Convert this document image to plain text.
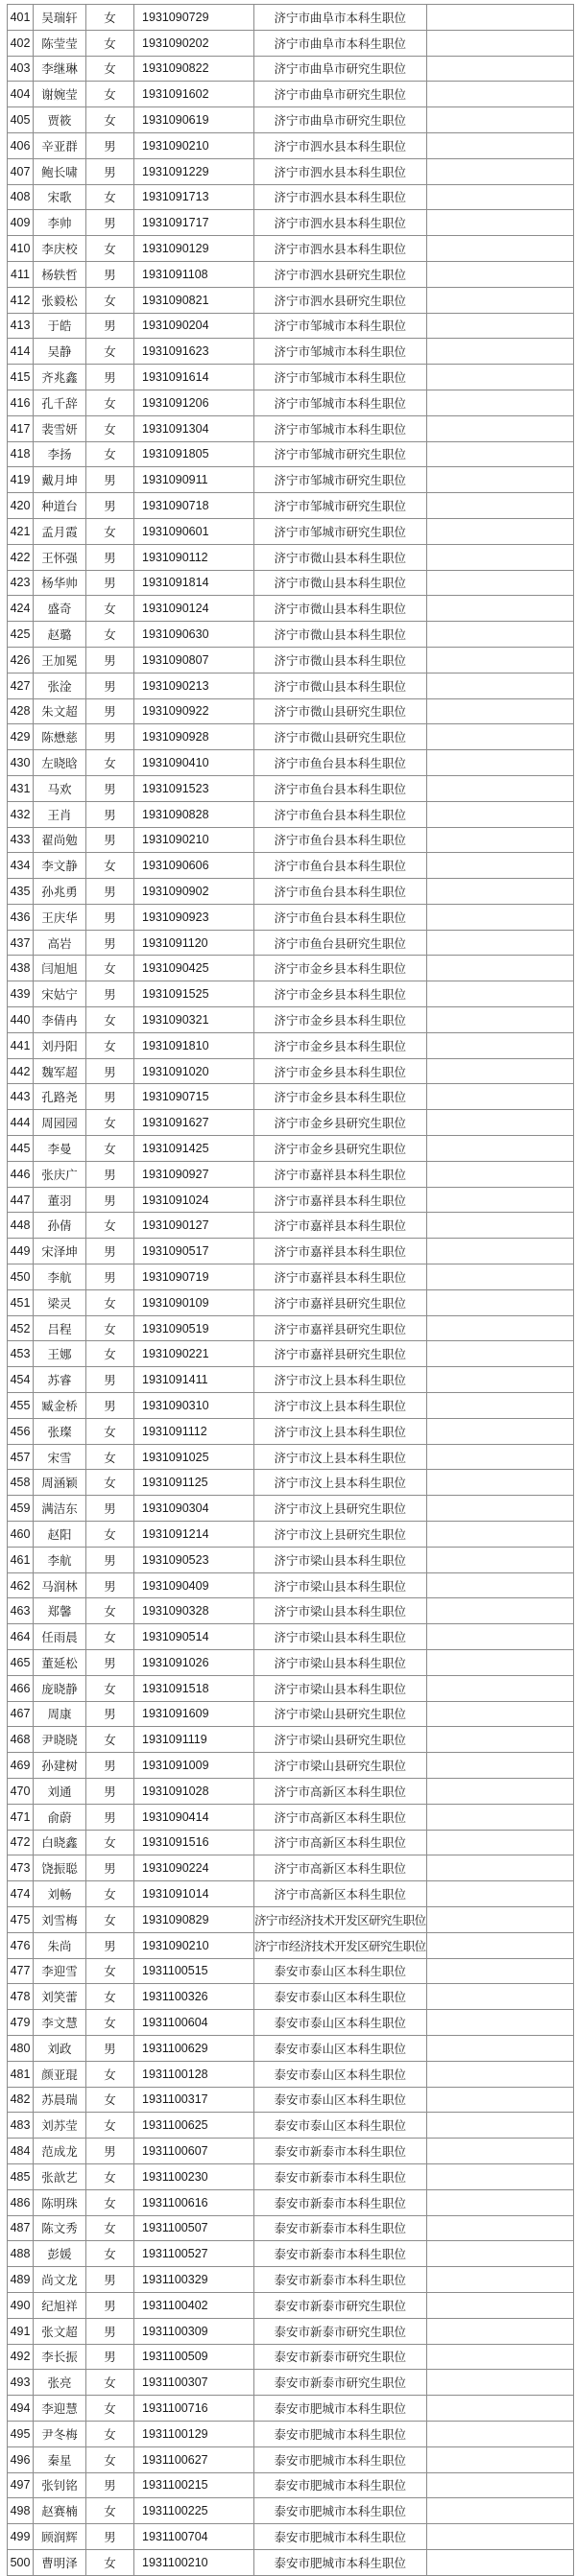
401	吴瑞轩	女	1931090729	济宁市曲阜市本科生职位	
402	陈莹莹	女	1931090202	济宁市曲阜市本科生职位	
403	李继琳	女	1931090822	济宁市曲阜市研究生职位	
404	谢婉莹	女	1931091602	济宁市曲阜市研究生职位	
405	贾筱	女	1931090619	济宁市曲阜市研究生职位	
406	辛亚群	男	1931090210	济宁市泗水县本科生职位	
407	鲍长啸	男	1931091229	济宁市泗水县本科生职位	
408	宋歌	女	1931091713	济宁市泗水县本科生职位	
409	李帅	男	1931091717	济宁市泗水县本科生职位	
410	李庆校	女	1931090129	济宁市泗水县本科生职位	
411	杨轶哲	男	1931091108	济宁市泗水县研究生职位	
412	张毅松	女	1931090821	济宁市泗水县研究生职位	
413	于皓	男	1931090204	济宁市邹城市本科生职位	
414	吴静	女	1931091623	济宁市邹城市本科生职位	
415	齐兆鑫	男	1931091614	济宁市邹城市本科生职位	
416	孔千辞	女	1931091206	济宁市邹城市本科生职位	
417	裴雪妍	女	1931091304	济宁市邹城市本科生职位	
418	李扬	女	1931091805	济宁市邹城市研究生职位	
419	戴月坤	男	1931090911	济宁市邹城市研究生职位	
420	种道台	男	1931090718	济宁市邹城市研究生职位	
421	孟月霞	女	1931090601	济宁市邹城市研究生职位	
422	王怀强	男	1931090112	济宁市微山县本科生职位	
423	杨华帅	男	1931091814	济宁市微山县本科生职位	
424	盛奇	女	1931090124	济宁市微山县本科生职位	
425	赵璐	女	1931090630	济宁市微山县本科生职位	
426	王加冕	男	1931090807	济宁市微山县本科生职位	
427	张淦	男	1931090213	济宁市微山县本科生职位	
428	朱文超	男	1931090922	济宁市微山县研究生职位	
429	陈懋慈	男	1931090928	济宁市微山县研究生职位	
430	左晓晗	女	1931090410	济宁市鱼台县本科生职位	
431	马欢	男	1931091523	济宁市鱼台县本科生职位	
432	王肖	男	1931090828	济宁市鱼台县本科生职位	
433	翟尚勉	男	1931090210	济宁市鱼台县本科生职位	
434	李文静	女	1931090606	济宁市鱼台县本科生职位	
435	孙兆勇	男	1931090902	济宁市鱼台县本科生职位	
436	王庆华	男	1931090923	济宁市鱼台县本科生职位	
437	高岩	男	1931091120	济宁市鱼台县研究生职位	
438	闫旭旭	女	1931090425	济宁市金乡县本科生职位	
439	宋姑宁	男	1931091525	济宁市金乡县本科生职位	
440	李倩冉	女	1931090321	济宁市金乡县本科生职位	
441	刘丹阳	女	1931091810	济宁市金乡县本科生职位	
442	魏军超	男	1931091020	济宁市金乡县本科生职位	
443	孔路尧	男	1931090715	济宁市金乡县本科生职位	
444	周园园	女	1931091627	济宁市金乡县研究生职位	
445	李曼	女	1931091425	济宁市金乡县研究生职位	
446	张庆广	男	1931090927	济宁市嘉祥县本科生职位	
447	董羽	男	1931091024	济宁市嘉祥县本科生职位	
448	孙倩	女	1931090127	济宁市嘉祥县本科生职位	
449	宋泽坤	男	1931090517	济宁市嘉祥县本科生职位	
450	李航	男	1931090719	济宁市嘉祥县本科生职位	
451	梁灵	女	1931090109	济宁市嘉祥县研究生职位	
452	吕程	女	1931090519	济宁市嘉祥县研究生职位	
453	王娜	女	1931090221	济宁市嘉祥县研究生职位	
454	苏睿	男	1931091411	济宁市汶上县本科生职位	
455	臧金桥	男	1931090310	济宁市汶上县本科生职位	
456	张璨	女	1931091112	济宁市汶上县本科生职位	
457	宋雪	女	1931091025	济宁市汶上县本科生职位	
458	周涵颖	女	1931091125	济宁市汶上县本科生职位	
459	满洁东	男	1931090304	济宁市汶上县研究生职位	
460	赵阳	女	1931091214	济宁市汶上县研究生职位	
461	李航	男	1931090523	济宁市梁山县本科生职位	
462	马润林	男	1931090409	济宁市梁山县本科生职位	
463	郑馨	女	1931090328	济宁市梁山县本科生职位	
464	任雨晨	女	1931090514	济宁市梁山县本科生职位	
465	董延松	男	1931091026	济宁市梁山县本科生职位	
466	庞晓静	女	1931091518	济宁市梁山县本科生职位	
467	周康	男	1931091609	济宁市梁山县研究生职位	
468	尹晓晓	女	1931091119	济宁市梁山县研究生职位	
469	孙建树	男	1931091009	济宁市梁山县研究生职位	
470	刘通	男	1931091028	济宁市高新区本科生职位	
471	俞蔚	男	1931090414	济宁市高新区本科生职位	
472	白晓鑫	女	1931091516	济宁市高新区本科生职位	
473	饶振聪	男	1931090224	济宁市高新区本科生职位	
474	刘畅	女	1931091014	济宁市高新区本科生职位	
475	刘雪梅	女	1931090829	济宁市经济技术开发区研究生职位	
476	朱尚	男	1931090210	济宁市经济技术开发区研究生职位	
477	李迎雪	女	1931100515	泰安市泰山区本科生职位	
478	刘笑蕾	女	1931100326	泰安市泰山区本科生职位	
479	李文慧	女	1931100604	泰安市泰山区本科生职位	
480	刘政	男	1931100629	泰安市泰山区本科生职位	
481	颜亚琨	女	1931100128	泰安市泰山区本科生职位	
482	苏晨瑞	女	1931100317	泰安市泰山区本科生职位	
483	刘苏莹	女	1931100625	泰安市泰山区本科生职位	
484	范成龙	男	1931100607	泰安市新泰市本科生职位	
485	张歆艺	女	1931100230	泰安市新泰市本科生职位	
486	陈明珠	女	1931100616	泰安市新泰市本科生职位	
487	陈文秀	女	1931100507	泰安市新泰市本科生职位	
488	彭媛	女	1931100527	泰安市新泰市本科生职位	
489	尚文龙	男	1931100329	泰安市新泰市本科生职位	
490	纪旭祥	男	1931100402	泰安市新泰市研究生职位	
491	张文超	男	1931100309	泰安市新泰市研究生职位	
492	李长振	男	1931100509	泰安市新泰市研究生职位	
493	张亮	女	1931100307	泰安市新泰市研究生职位	
494	李迎慧	女	1931100716	泰安市肥城市本科生职位	
495	尹冬梅	女	1931100129	泰安市肥城市本科生职位	
496	秦星	女	1931100627	泰安市肥城市本科生职位	
497	张钊铭	男	1931100215	泰安市肥城市本科生职位	
498	赵赛楠	女	1931100225	泰安市肥城市本科生职位	
499	顾润辉	男	1931100704	泰安市肥城市本科生职位	
500	曹明泽	女	1931100210	泰安市肥城市本科生职位	
